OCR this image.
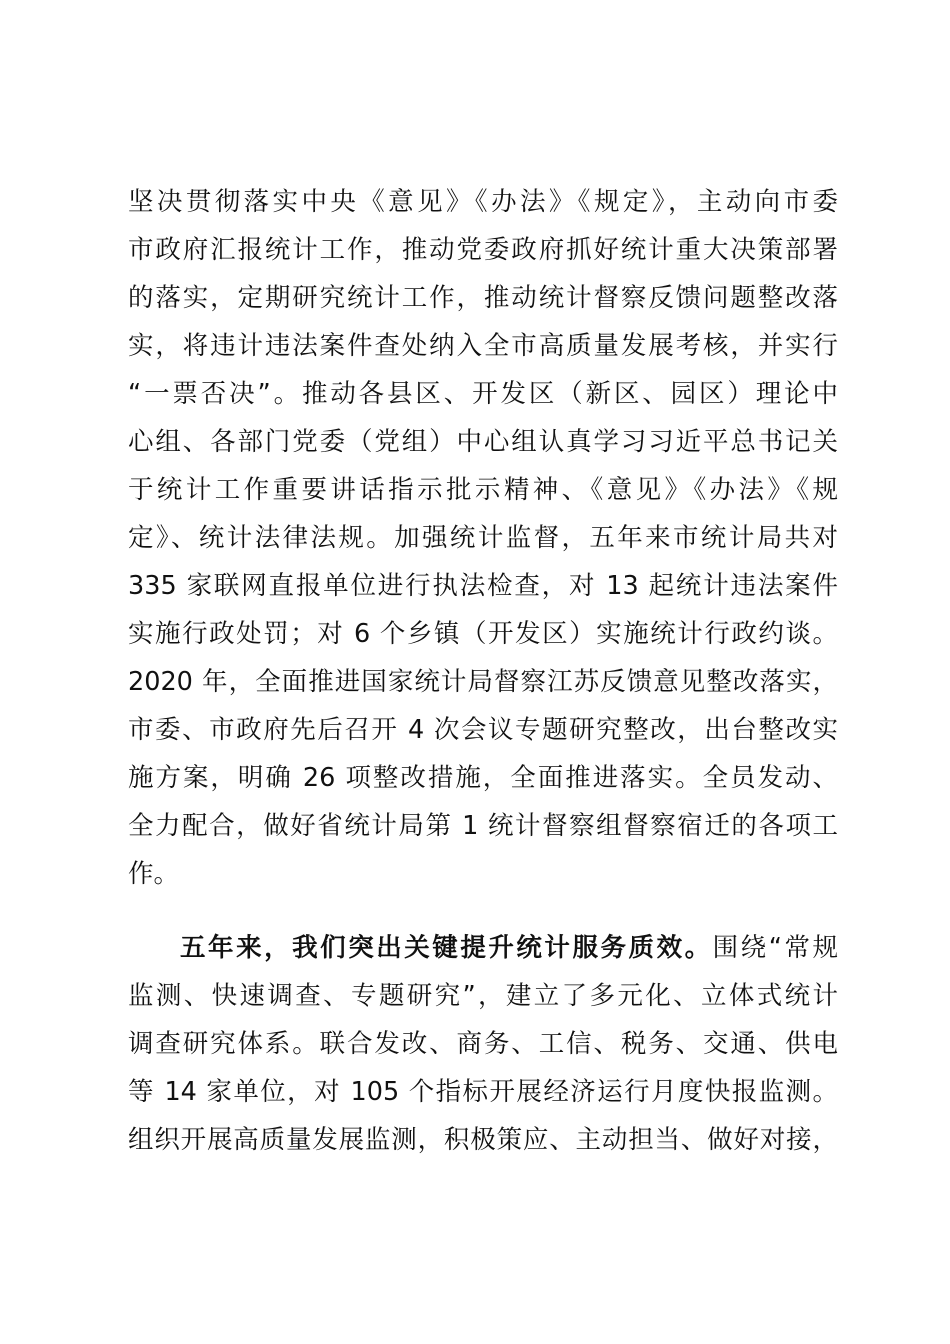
坚决贯彻落实中央《意见》《办法》《规定》，主动向市委
市政府汇报统计工作，推动党委政府抓好统计重大决策部署
的落实，定期研究统计工作，推动统计督察反馈问题整改落
实，将违计违法案件查处纳入全市高质量发展考核，并实行
“一票否决”。推动各县区、开发区（新区、园区）理论中
心组、各部门党委（党组）中心组认真学习习近平总书记关
于统计工作重要讲话指示批示精神、《意见》《办法》《规
定》、统计法律法规。加强统计监督，五年来市统计局共对
335 家联网直报单位进行执法检查，对 13 起统计违法案件
实施行政处罚；对 6 个乡镇（开发区）实施统计行政约谈。
2020 年，全面推进国家统计局督察江苏反馈意见整改落实，
市委、市政府先后召开 4 次会议专题研究整改，出台整改实
施方案，明确 26 项整改措施，全面推进落实。全员发动、
全力配合，做好省统计局第 1 统计督察组督察宿迁的各项工
作。
五年来，我们突出关键提升统计服务质效。围绕“常规
监测、快速调查、专题研究”，建立了多元化、立体式统计
调查研究体系。联合发改、商务、工信、税务、交通、供电
等 14 家单位，对 105 个指标开展经济运行月度快报监测。
组织开展高质量发展监测，积极策应、主动担当、做好对接，
